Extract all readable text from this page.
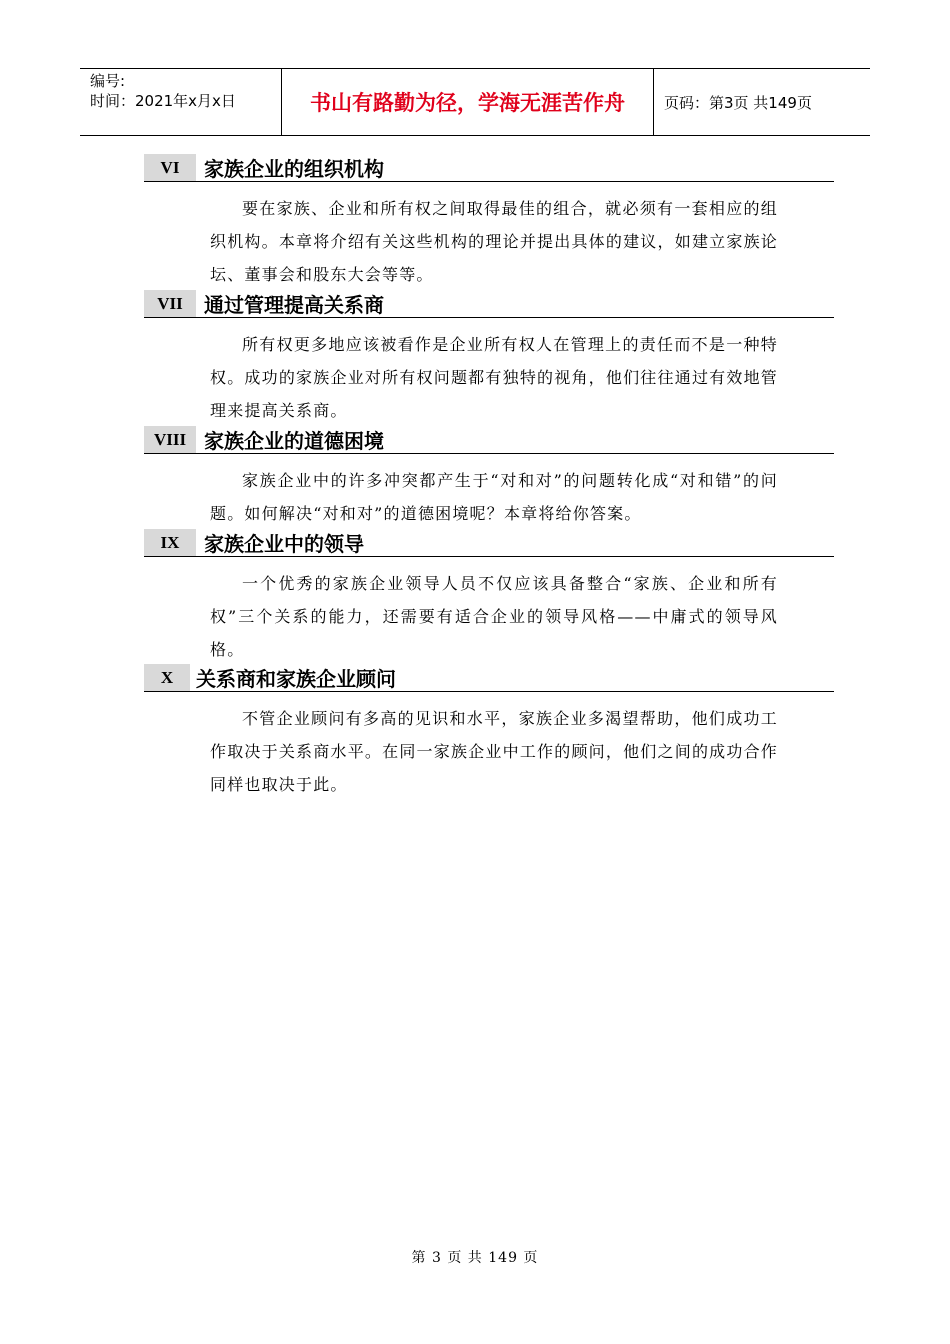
编号:
时间：2021年x月x日	书山有路勤为径，学海无涯苦作舟	页码：第3页 共149页
VI	家族企业的组织机构
要在家族、企业和所有权之间取得最佳的组合，就必须有一套相应的组织机构。本章将介绍有关这些机构的理论并提出具体的建议，如建立家族论坛、董事会和股东大会等等。
VII	通过管理提高关系商
所有权更多地应该被看作是企业所有权人在管理上的责任而不是一种特权。成功的家族企业对所有权问题都有独特的视角，他们往往通过有效地管理来提高关系商。
VIII 家族企业的道德困境
家族企业中的许多冲突都产生于“对和对”的问题转化成“对和错”的问题。如何解决“对和对”的道德困境呢？本章将给你答案。
IX	家族企业中的领导
一个优秀的家族企业领导人员不仅应该具备整合“家族、企业和所有权”三个关系的能力，还需要有适合企业的领导风格——中庸式的领导风格。
X	关系商和家族企业顾问
不管企业顾问有多高的见识和水平，家族企业多渴望帮助，他们成功工作取决于关系商水平。在同一家族企业中工作的顾问，他们之间的成功合作同样也取决于此。
第 3 页 共 149 页
